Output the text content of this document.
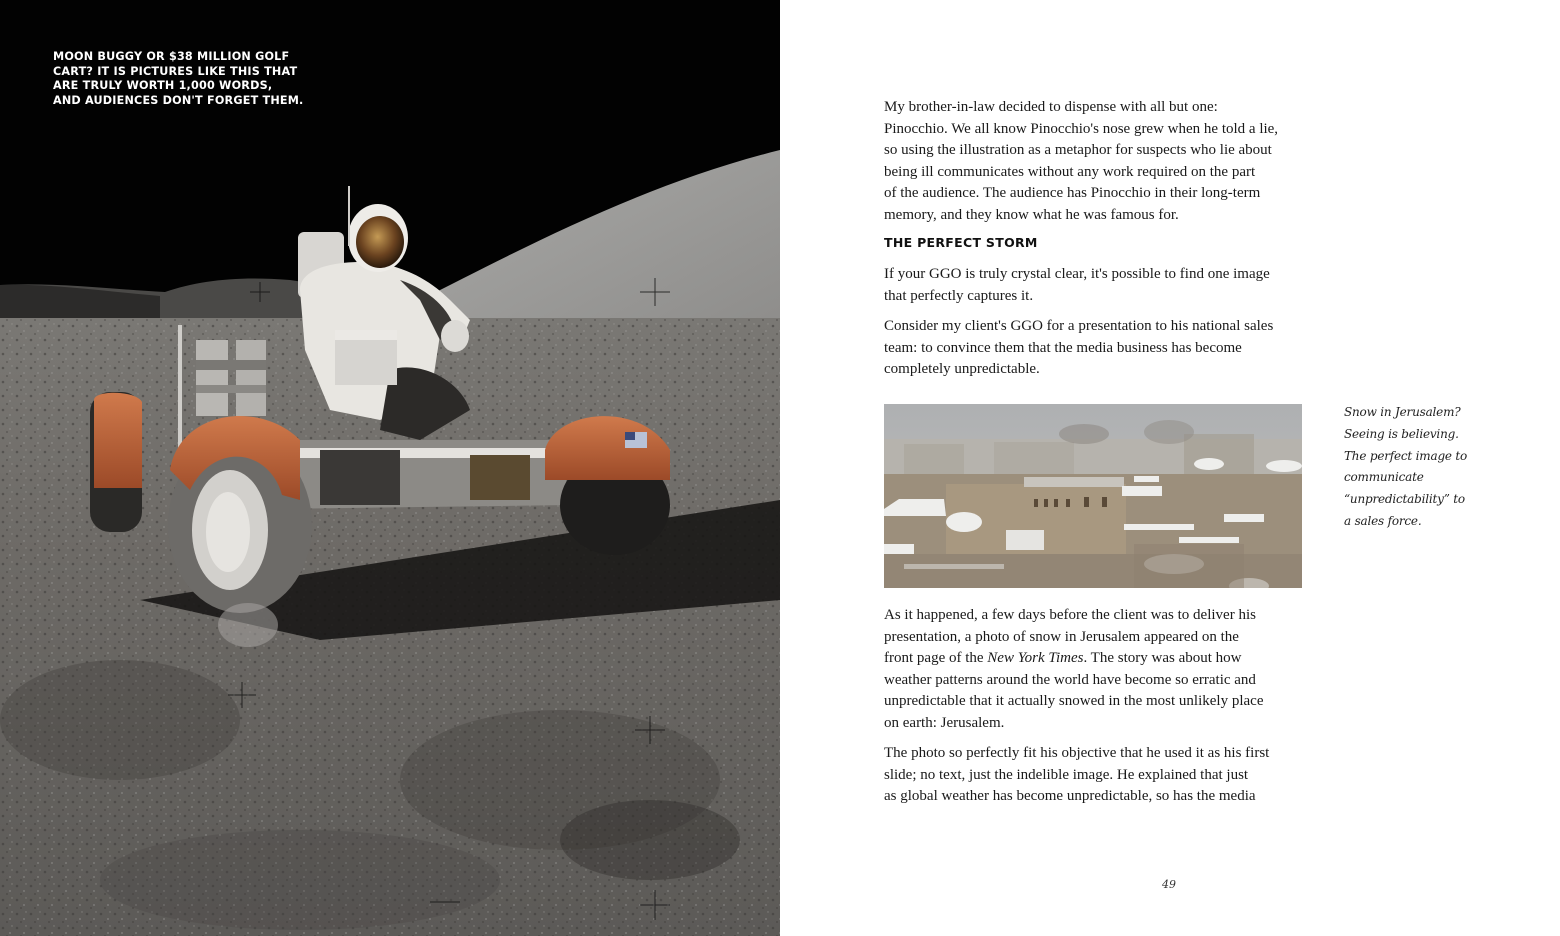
MOON BUGGY OR $38 MILLION GOLF
CART? IT IS PICTURES LIKE THIS THAT
ARE TRULY WORTH 1,000 WORDS,
AND AUDIENCES DON'T FORGET THEM.	My brother-in-law decided to dispense with all but one:
Pinocchio. We all know Pinocchio's nose grew when he told a lie,
so using the illustration as a metaphor for suspects who lie about
being ill communicates without any work required on the part
of the audience. The audience has Pinocchio in their long-term
memory, and they know what he was famous for.
THE PERFECT STORM
If your GGO is truly crystal clear, it's possible to find one image
that perfectly captures it.
Consider my client's GGO for a presentation to his national sales
team: to convince them that the media business has become
completely unpredictable.
Snow in Jerusalem?
Seeing is believing.
The perfect image to
communicate
“unpredictability” to
a sales force.
As it happened, a few days before the client was to deliver his
presentation, a photo of snow in Jerusalem appeared on the
front page of the New York Times. The story was about how
weather patterns around the world have become so erratic and
unpredictable that it actually snowed in the most unlikely place
on earth: Jerusalem.
The photo so perfectly fit his objective that he used it as his first
slide; no text, just the indelible image. He explained that just
as global weather has become unpredictable, so has the media
49
